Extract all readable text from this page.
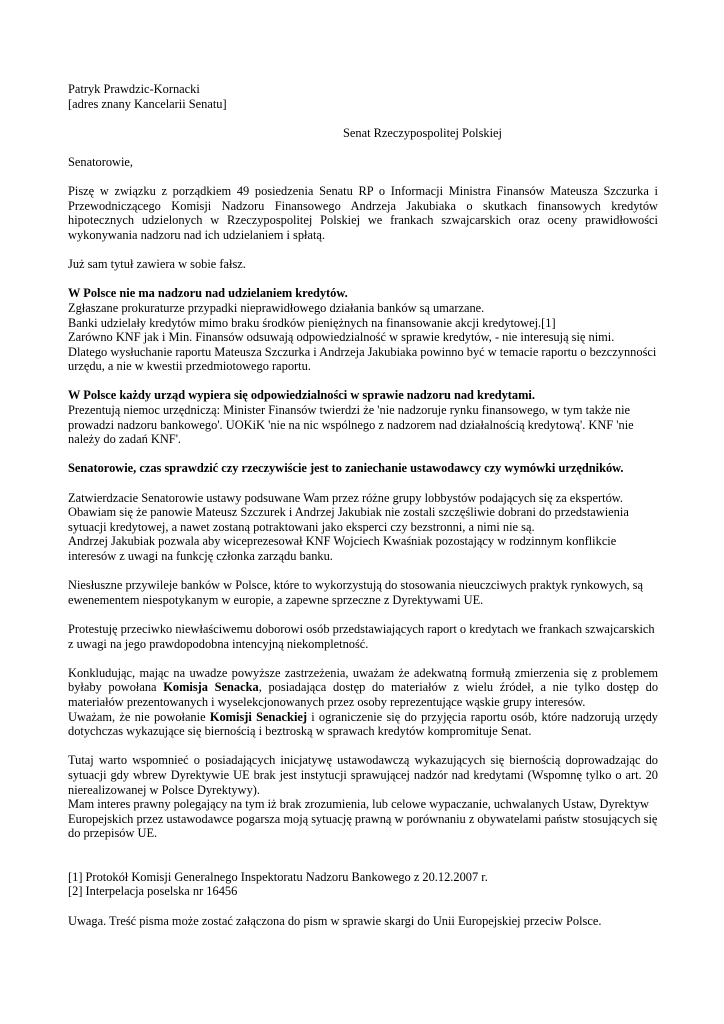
Patryk Prawdzic-Kornacki

[adres znany Kancelarii Senatu]

Senat Rzeczypospolitej Polskiej

Senatorowie,

Piszę w związku z porządkiem 49 posiedzenia Senatu RP o Informacji Ministra Finansów Mateusza Szczurka i Przewodniczącego Komisji Nadzoru Finansowego Andrzeja Jakubiaka o skutkach finansowych kredytów hipotecznych udzielonych w Rzeczypospolitej Polskiej we frankach szwajcarskich oraz oceny prawidłowości wykonywania nadzoru nad ich udzielaniem i spłatą.

Już sam tytuł zawiera w sobie fałsz.

W Polsce nie ma nadzoru nad udzielaniem kredytów.

Zgłaszane prokuraturze przypadki nieprawidłowego działania banków są umarzane.

Banki udzielały kredytów mimo braku środków pieniężnych na finansowanie akcji kredytowej.[1]

Zarówno KNF jak i Min. Finansów odsuwają odpowiedzialność w sprawie kredytów, - nie interesują się nimi.

Dlatego wysłuchanie raportu Mateusza Szczurka i Andrzeja Jakubiaka powinno być w temacie raportu o bezczynności urzędu, a nie w kwestii przedmiotowego raportu.

W Polsce każdy urząd wypiera się odpowiedzialności w sprawie nadzoru nad kredytami.

Prezentują niemoc urzędniczą: Minister Finansów twierdzi że 'nie nadzoruje rynku finansowego, w tym także nie prowadzi nadzoru bankowego'. UOKiK 'nie na nic wspólnego z nadzorem nad działalnością kredytową'. KNF 'nie należy do zadań KNF'.

Senatorowie, czas sprawdzić czy rzeczywiście jest to zaniechanie ustawodawcy czy wymówki urzędników.

Zatwierdzacie Senatorowie ustawy podsuwane Wam przez różne grupy lobbystów podających się za ekspertów.

Obawiam się że panowie Mateusz Szczurek i Andrzej Jakubiak nie zostali szczęśliwie dobrani do przedstawienia sytuacji kredytowej, a nawet zostaną potraktowani jako eksperci czy bezstronni, a nimi nie są.

Andrzej Jakubiak pozwala aby wiceprezesował KNF Wojciech Kwaśniak pozostający w rodzinnym konflikcie interesów z uwagi na funkcję członka zarządu banku.

Niesłuszne przywileje banków w Polsce, które to wykorzystują do stosowania nieuczciwych praktyk rynkowych, są ewenementem niespotykanym w europie, a zapewne sprzeczne z Dyrektywami UE.

Protestuję przeciwko niewłaściwemu doborowi osób przedstawiających raport o kredytach we frankach szwajcarskich z uwagi na jego prawdopodobna intencyjną niekompletność.

Konkludując, mając na uwadze powyższe zastrzeżenia, uważam że adekwatną formułą zmierzenia się z problemem byłaby powołana Komisja Senacka, posiadająca dostęp do materiałów z wielu źródeł, a nie tylko dostęp do materiałów prezentowanych i wyselekcjonowanych przez osoby reprezentujące wąskie grupy interesów.

Uważam, że nie powołanie Komisji Senackiej i ograniczenie się do przyjęcia raportu osób, które nadzorują urzędy dotychczas wykazujące się biernością i beztroską w sprawach kredytów kompromituje Senat.

Tutaj warto wspomnieć o posiadających inicjatywę ustawodawczą wykazujących się biernością doprowadzając do sytuacji gdy wbrew Dyrektywie UE brak jest instytucji sprawującej nadzór nad kredytami (Wspomnę tylko o art. 20 nierealizowanej w Polsce Dyrektywy).

Mam interes prawny polegający na tym iż brak zrozumienia, lub celowe wypaczanie, uchwalanych Ustaw, Dyrektyw Europejskich przez ustawodawce pogarsza moją sytuację prawną w porównaniu z obywatelami państw stosujących się do przepisów UE.

[1] Protokół Komisji Generalnego Inspektoratu Nadzoru Bankowego z 20.12.2007 r.

[2] Interpelacja poselska nr 16456

Uwaga. Treść pisma może zostać załączona do pism w sprawie skargi do Unii Europejskiej przeciw Polsce.
